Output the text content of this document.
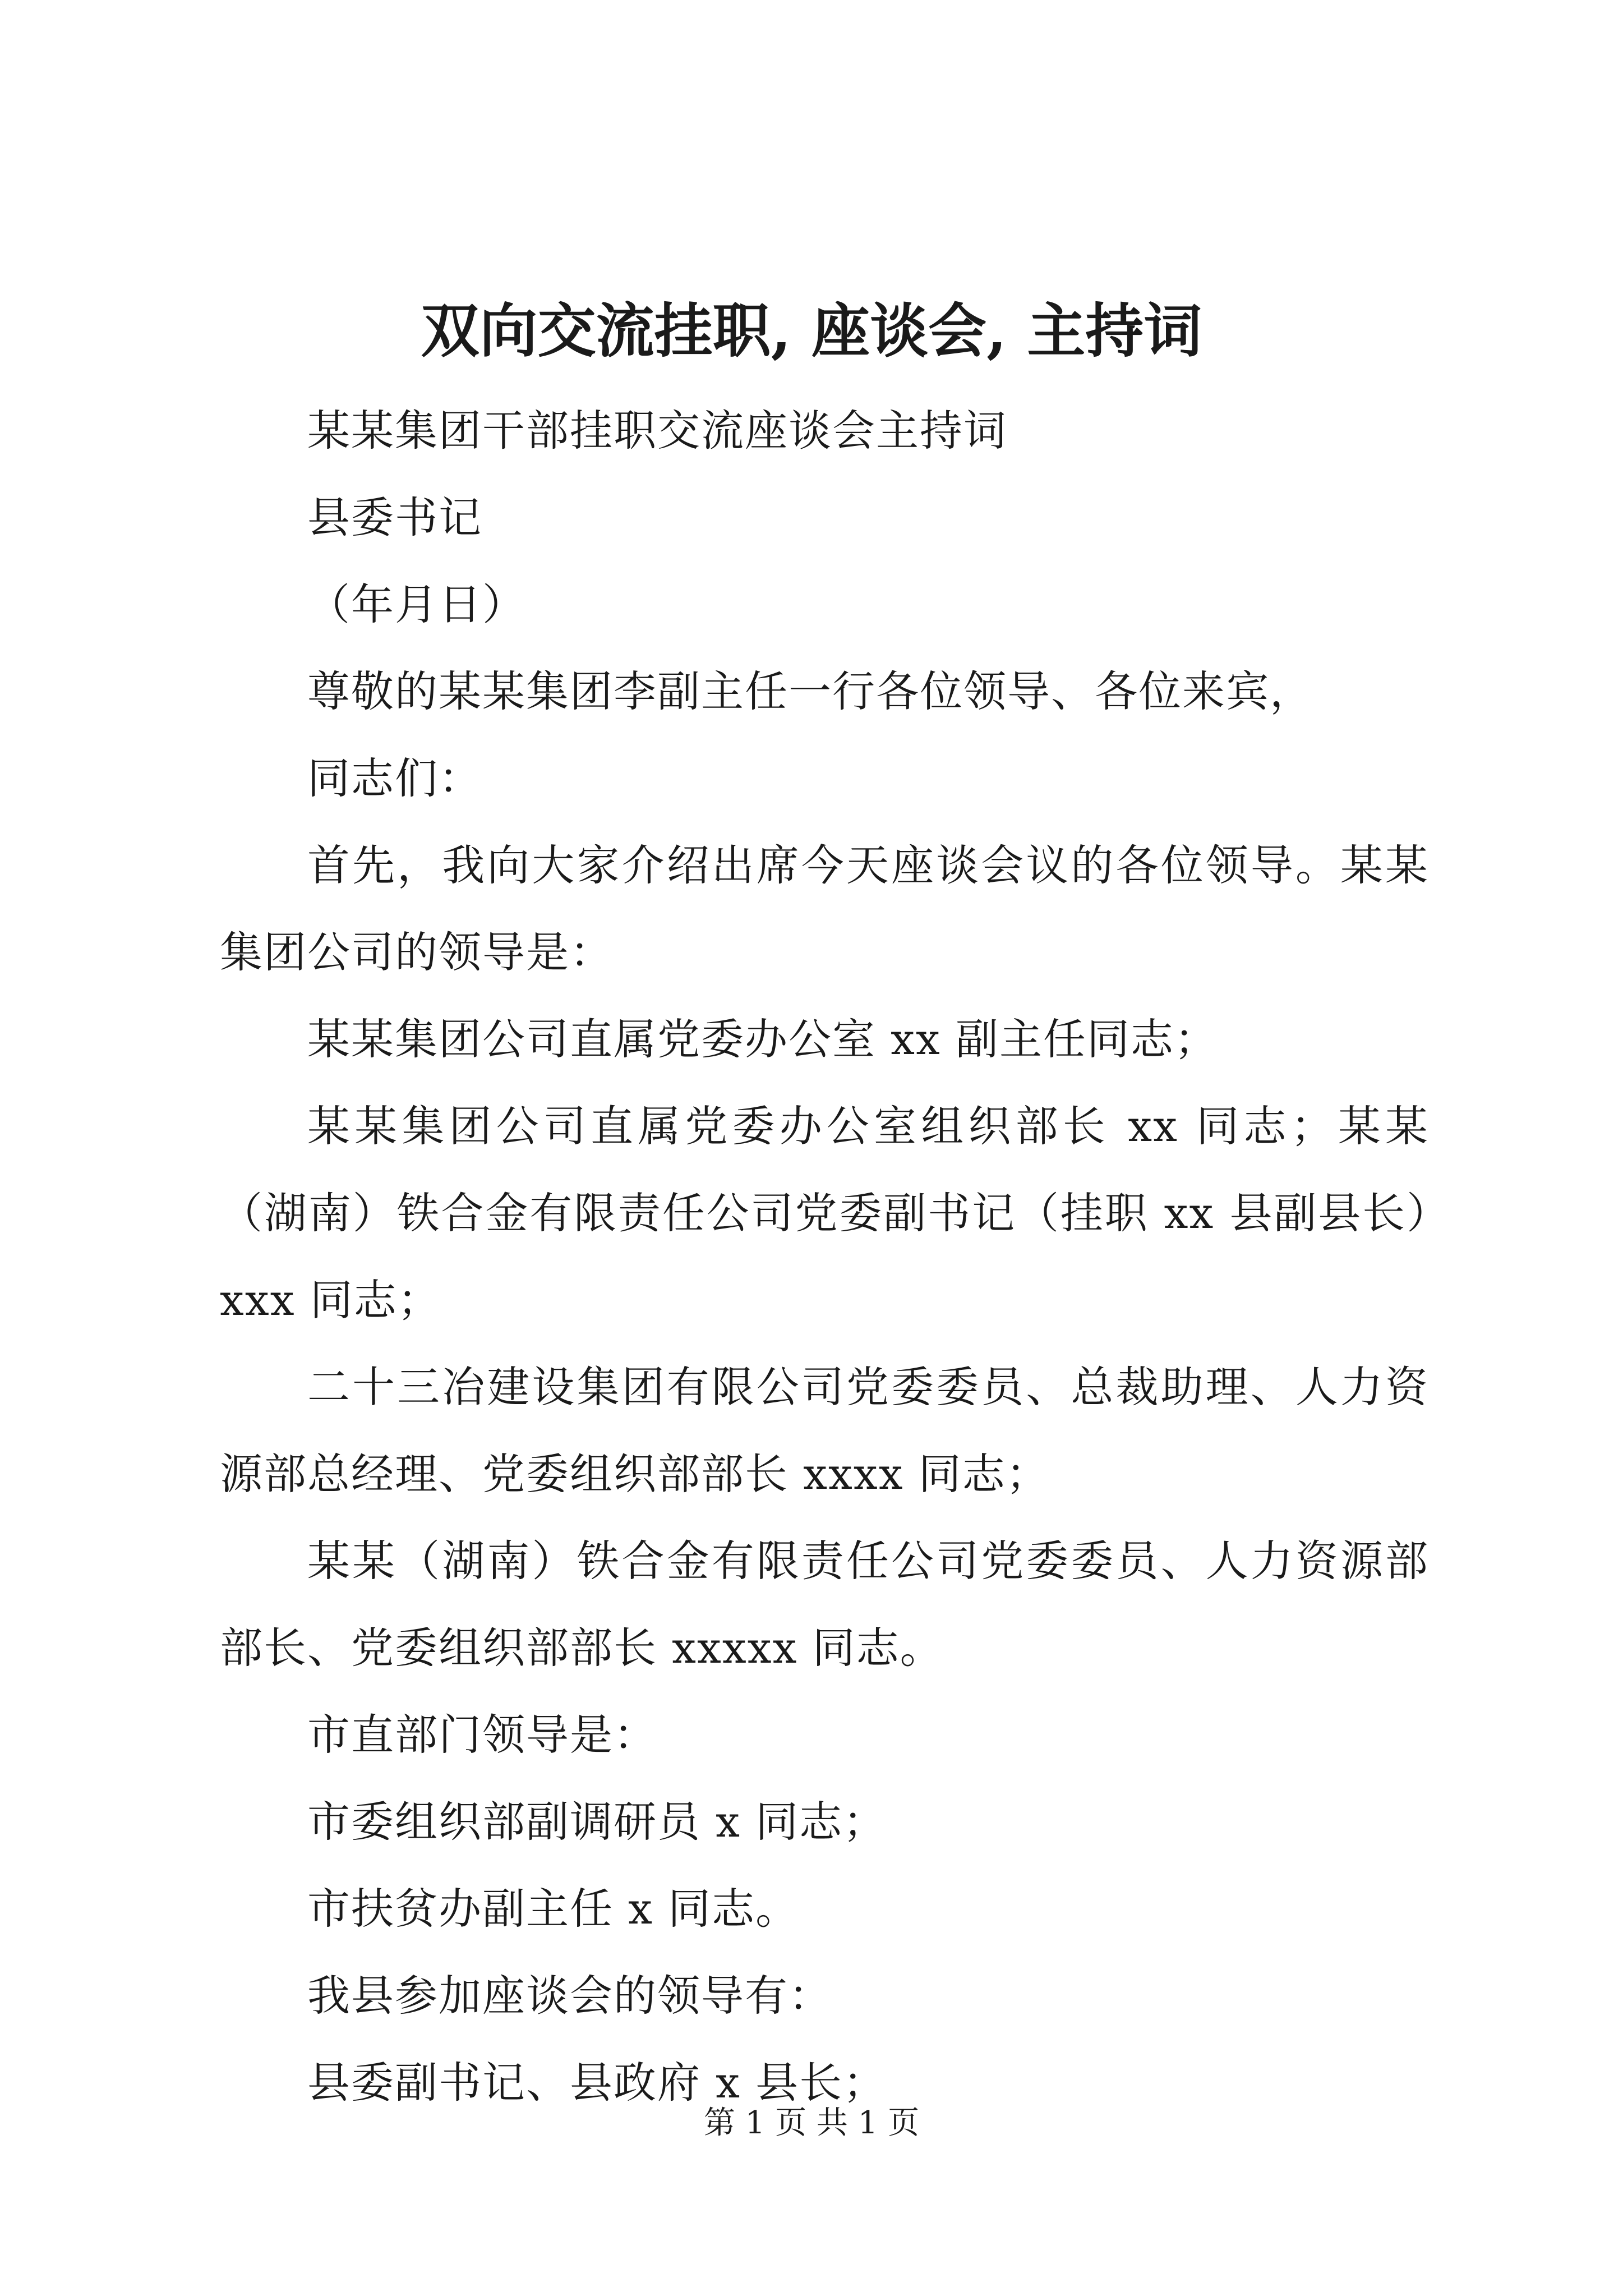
双向交流挂职, 座谈会, 主持词

某某集团干部挂职交流座谈会主持词

县委书记

（年月日）

尊敬的某某集团李副主任一行各位领导、各位来宾，

同志们：

首先，我向大家介绍出席今天座谈会议的各位领导。某某集团公司的领导是：

某某集团公司直属党委办公室 xx 副主任同志；

某某集团公司直属党委办公室组织部长 xx 同志；某某（湖南）铁合金有限责任公司党委副书记（挂职 xx 县副县长）xxx 同志；

二十三冶建设集团有限公司党委委员、总裁助理、人力资源部总经理、党委组织部部长 xxxx 同志；

某某（湖南）铁合金有限责任公司党委委员、人力资源部部长、党委组织部部长 xxxxx 同志。

市直部门领导是：

市委组织部副调研员 x 同志；

市扶贫办副主任 x 同志。

我县参加座谈会的领导有：

县委副书记、县政府 x 县长；

第 1 页 共 1 页
